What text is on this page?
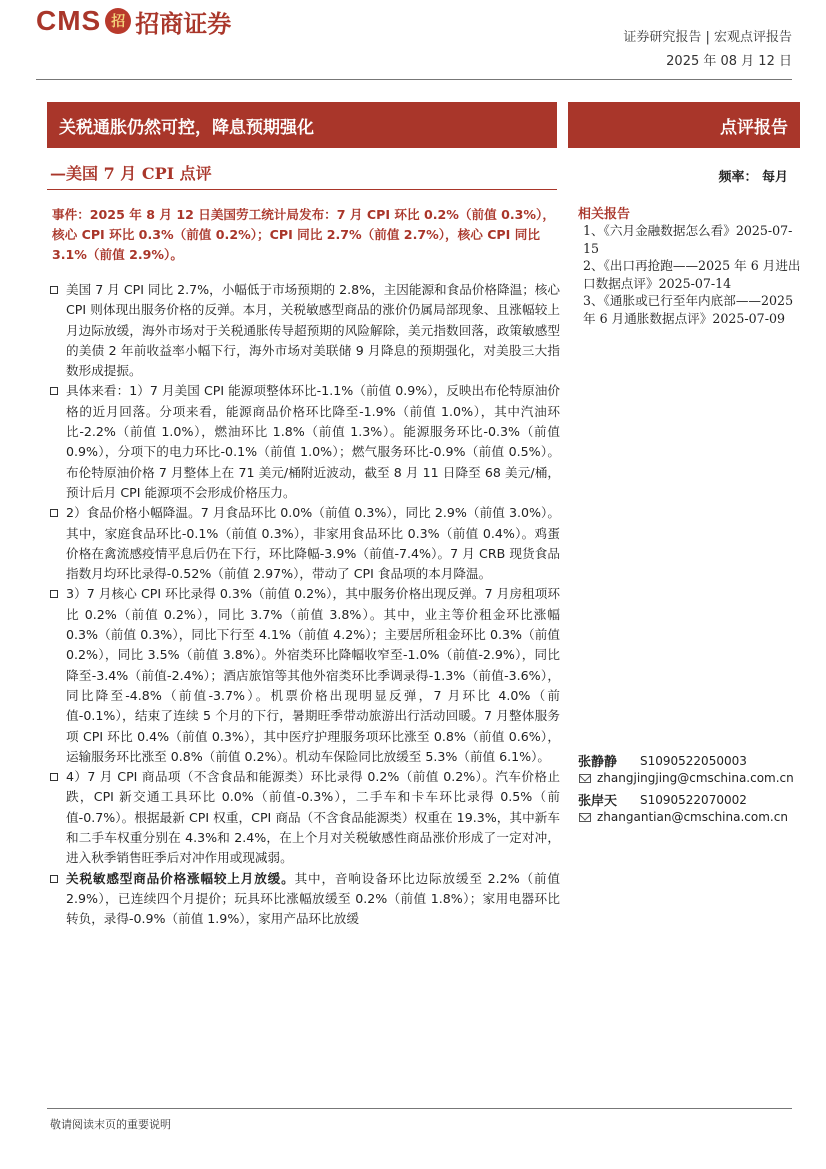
CMS 招 招商证券	证券研究报告 | 宏观点评报告
2025 年 08 月 12 日
关税通胀仍然可控，降息预期强化	点评报告
—美国 7 月 CPI 点评	频率： 每月
事件：2025 年 8 月 12 日美国劳工统计局发布：7 月 CPI 环比 0.2%（前值 0.3%），核心 CPI 环比 0.3%（前值 0.2%）；CPI 同比 2.7%（前值 2.7%），核心 CPI 同比 3.1%（前值 2.9%）。

美国 7 月 CPI 同比 2.7%，小幅低于市场预期的 2.8%，主因能源和食品价格降温；核心 CPI 则体现出服务价格的反弹。本月，关税敏感型商品的涨价仍属局部现象、且涨幅较上月边际放缓，海外市场对于关税通胀传导超预期的风险解除，美元指数回落，政策敏感型的美债 2 年前收益率小幅下行，海外市场对美联储 9 月降息的预期强化，对美股三大指数形成提振。

具体来看：1）7 月美国 CPI 能源项整体环比-1.1%（前值 0.9%），反映出布伦特原油价格的近月回落。分项来看，能源商品价格环比降至-1.9%（前值 1.0%），其中汽油环比-2.2%（前值 1.0%），燃油环比 1.8%（前值 1.3%）。能源服务环比-0.3%（前值 0.9%），分项下的电力环比-0.1%（前值 1.0%）；燃气服务环比-0.9%（前值 0.5%）。布伦特原油价格 7 月整体上在 71 美元/桶附近波动，截至 8 月 11 日降至 68 美元/桶，预计后月 CPI 能源项不会形成价格压力。

2）食品价格小幅降温。7 月食品环比 0.0%（前值 0.3%），同比 2.9%（前值 3.0%）。其中，家庭食品环比-0.1%（前值 0.3%），非家用食品环比 0.3%（前值 0.4%）。鸡蛋价格在禽流感疫情平息后仍在下行，环比降幅-3.9%（前值-7.4%）。7 月 CRB 现货食品指数月均环比录得-0.52%（前值 2.97%），带动了 CPI 食品项的本月降温。

3）7 月核心 CPI 环比录得 0.3%（前值 0.2%），其中服务价格出现反弹。7 月房租项环比 0.2%（前值 0.2%），同比 3.7%（前值 3.8%）。其中，业主等价租金环比涨幅 0.3%（前值 0.3%），同比下行至 4.1%（前值 4.2%）；主要居所租金环比 0.3%（前值 0.2%），同比 3.5%（前值 3.8%）。外宿类环比降幅收窄至-1.0%（前值-2.9%），同比降至-3.4%（前值-2.4%）；酒店旅馆等其他外宿类环比季调录得-1.3%（前值-3.6%），同比降至-4.8%（前值-3.7%）。机票价格出现明显反弹，7 月环比 4.0%（前值-0.1%），结束了连续 5 个月的下行，暑期旺季带动旅游出行活动回暖。7 月整体服务项 CPI 环比 0.4%（前值 0.3%），其中医疗护理服务项环比涨至 0.8%（前值 0.6%），运输服务环比涨至 0.8%（前值 0.2%）。机动车保险同比放缓至 5.3%（前值 6.1%）。

4）7 月 CPI 商品项（不含食品和能源类）环比录得 0.2%（前值 0.2%）。汽车价格止跌，CPI 新交通工具环比 0.0%（前值-0.3%），二手车和卡车环比录得 0.5%（前值-0.7%）。根据最新 CPI 权重，CPI 商品（不含食品能源类）权重在 19.3%，其中新车和二手车权重分别在 4.3%和 2.4%，在上个月对关税敏感性商品涨价形成了一定对冲，进入秋季销售旺季后对冲作用或现减弱。

关税敏感型商品价格涨幅较上月放缓。其中，音响设备环比边际放缓至 2.2%（前值 2.9%），已连续四个月提价；玩具环比涨幅放缓至 0.2%（前值 1.8%）；家用电器环比转负，录得-0.9%（前值 1.9%），家用产品环比放缓

相关报告
1、《六月金融数据怎么看》2025-07-15
2、《出口再抢跑——2025 年 6 月进出口数据点评》2025-07-14
3、《通胀或已行至年内底部——2025 年 6 月通胀数据点评》2025-07-09
张静静	S1090522050003
zhangjingjing@cmschina.com.cn
张岸天	S1090522070002
zhangantian@cmschina.com.cn
敬请阅读末页的重要说明
